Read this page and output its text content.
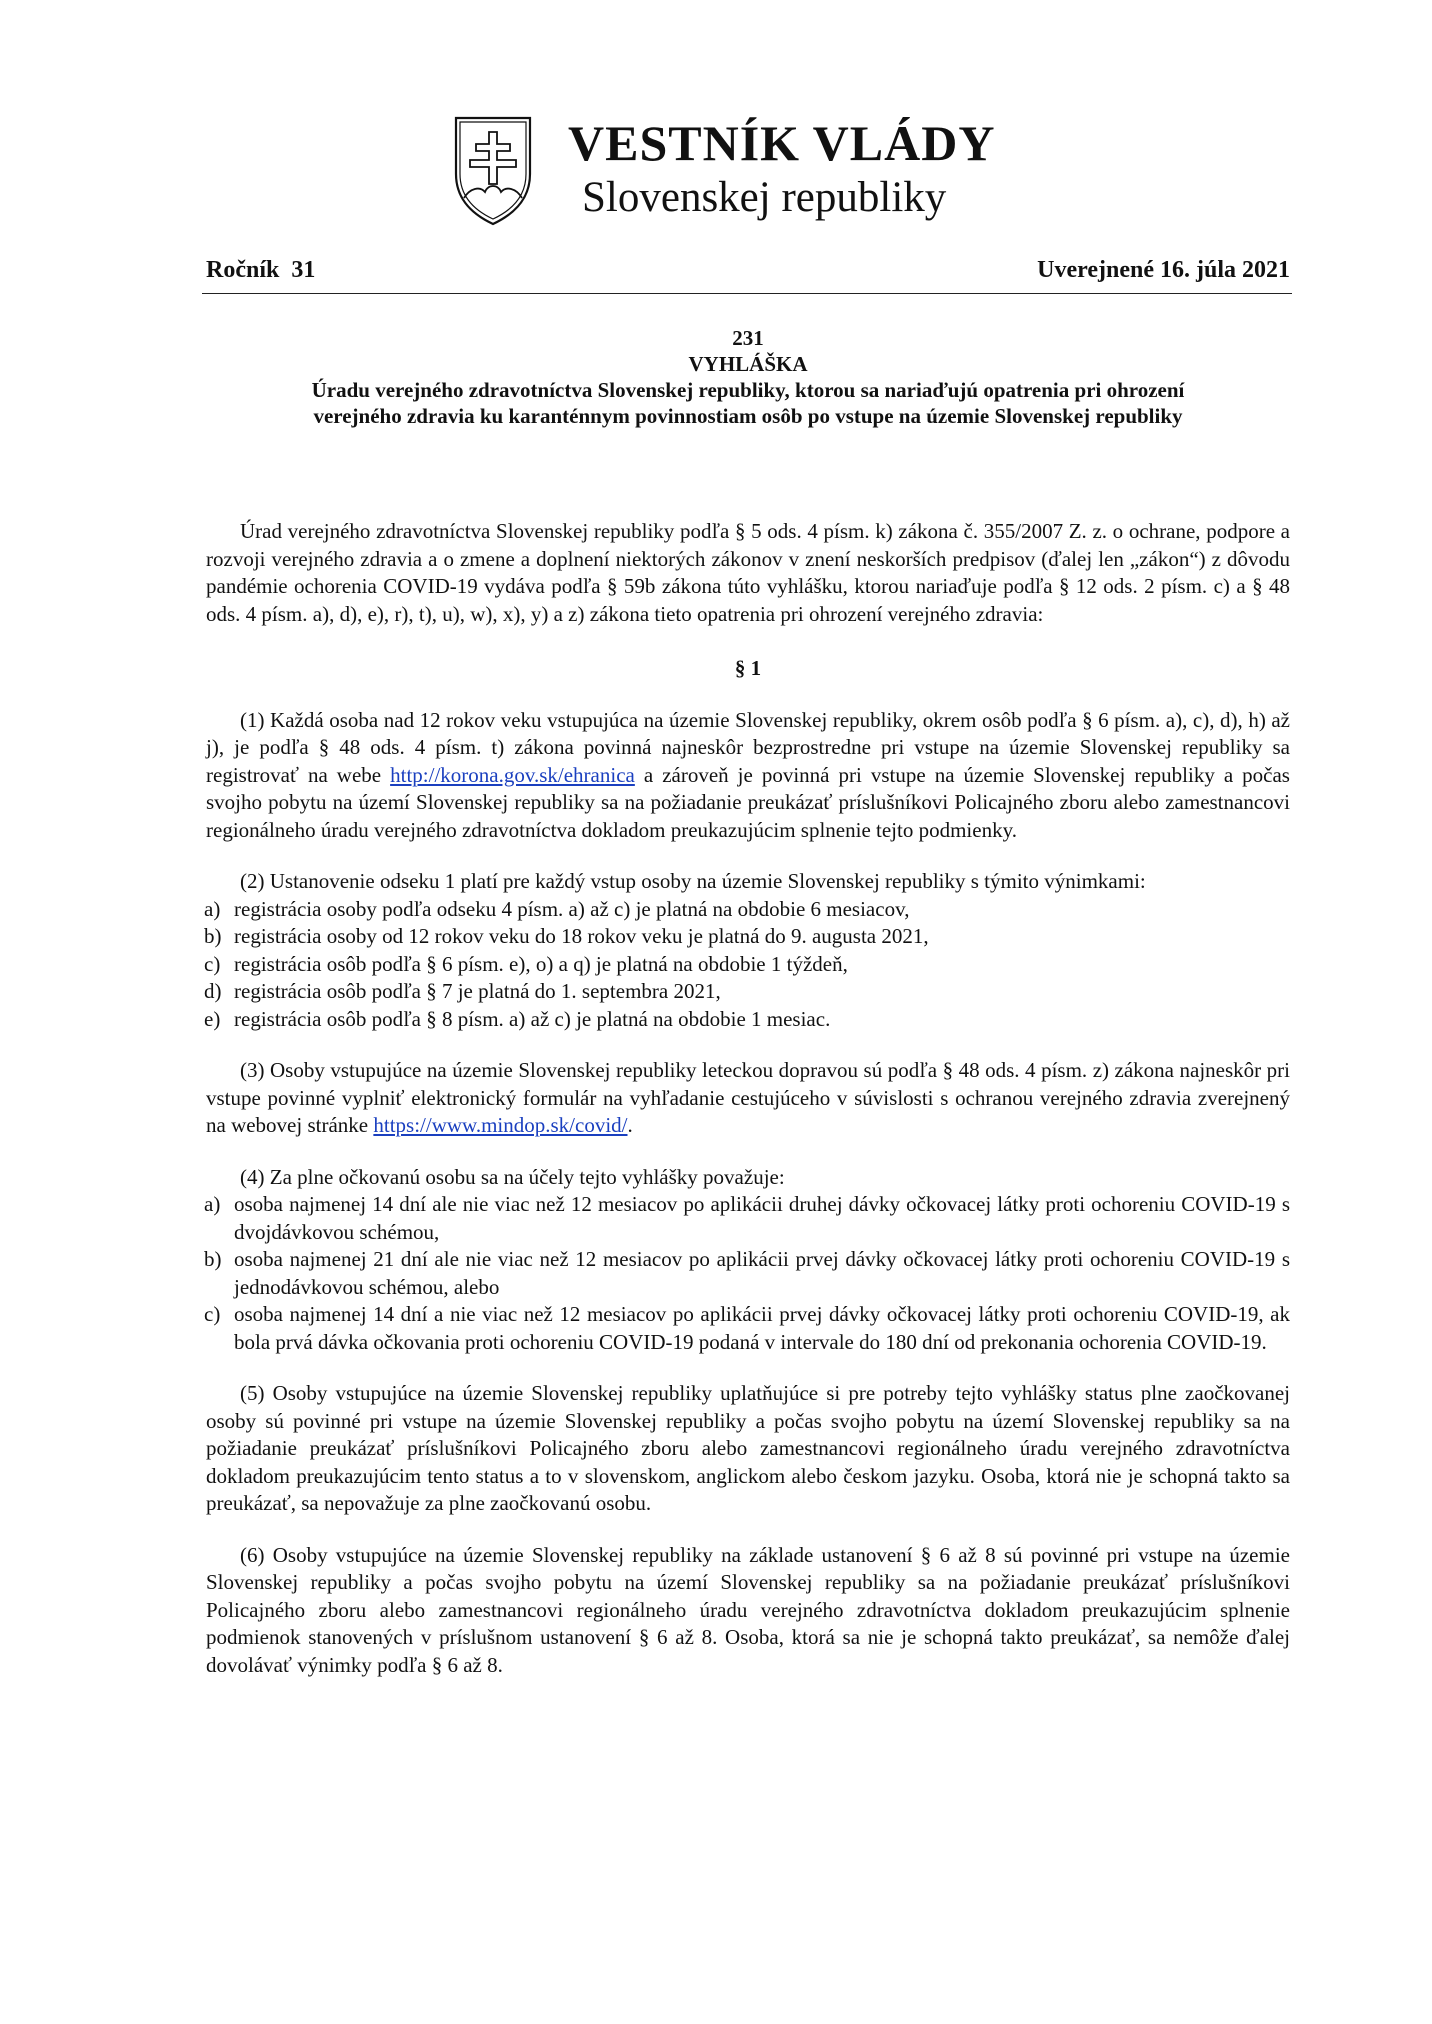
VESTNÍK VLÁDY
Slovenskej republiky
Ročník  31	Uverejnené 16. júla 2021
231
VYHLÁŠKA
Úradu verejného zdravotníctva Slovenskej republiky, ktorou sa nariaďujú opatrenia pri ohrození
verejného zdravia ku karanténnym povinnostiam osôb po vstupe na územie Slovenskej republiky

Úrad verejného zdravotníctva Slovenskej republiky podľa § 5 ods. 4 písm. k) zákona č. 355/2007 Z. z. o ochrane, podpore a rozvoji verejného zdravia a o zmene a doplnení niektorých zákonov v znení neskorších predpisov (ďalej len „zákon“) z dôvodu pandémie ochorenia COVID-19 vydáva podľa § 59b zákona túto vyhlášku, ktorou nariaďuje podľa § 12 ods. 2 písm. c) a § 48 ods. 4 písm. a), d), e), r), t), u), w), x), y) a z) zákona tieto opatrenia pri ohrození verejného zdravia:

§ 1

(1) Každá osoba nad 12 rokov veku vstupujúca na územie Slovenskej republiky, okrem osôb podľa § 6 písm. a), c), d), h) až j), je podľa § 48 ods. 4 písm. t) zákona povinná najneskôr bezprostredne pri vstupe na územie Slovenskej republiky sa registrovať na webe http://korona.gov.sk/ehranica a zároveň je povinná pri vstupe na územie Slovenskej republiky a počas svojho pobytu na území Slovenskej republiky sa na požiadanie preukázať príslušníkovi Policajného zboru alebo zamestnancovi regionálneho úradu verejného zdravotníctva dokladom preukazujúcim splnenie tejto podmienky.

(2) Ustanovenie odseku 1 platí pre každý vstup osoby na územie Slovenskej republiky s týmito výnimkami:

a) registrácia osoby podľa odseku 4 písm. a) až c) je platná na obdobie 6 mesiacov,
b) registrácia osoby od 12 rokov veku do 18 rokov veku je platná do 9. augusta 2021,
c) registrácia osôb podľa § 6 písm. e), o) a q) je platná na obdobie 1 týždeň,
d) registrácia osôb podľa § 7 je platná do 1. septembra 2021,
e) registrácia osôb podľa § 8 písm. a) až c) je platná na obdobie 1 mesiac.

(3) Osoby vstupujúce na územie Slovenskej republiky leteckou dopravou sú podľa § 48 ods. 4 písm. z) zákona najneskôr pri vstupe povinné vyplniť elektronický formulár na vyhľadanie cestujúceho v súvislosti s ochranou verejného zdravia zverejnený na webovej stránke https://www.mindop.sk/covid/.

(4) Za plne očkovanú osobu sa na účely tejto vyhlášky považuje:

a) osoba najmenej 14 dní ale nie viac než 12 mesiacov po aplikácii druhej dávky očkovacej látky proti ochoreniu COVID-19 s dvojdávkovou schémou,
b) osoba najmenej 21 dní ale nie viac než 12 mesiacov po aplikácii prvej dávky očkovacej látky proti ochoreniu COVID-19 s jednodávkovou schémou, alebo
c) osoba najmenej 14 dní a nie viac než 12 mesiacov po aplikácii prvej dávky očkovacej látky proti ochoreniu COVID-19, ak bola prvá dávka očkovania proti ochoreniu COVID-19 podaná v intervale do 180 dní od prekonania ochorenia COVID-19.

(5) Osoby vstupujúce na územie Slovenskej republiky uplatňujúce si pre potreby tejto vyhlášky status plne zaočkovanej osoby sú povinné pri vstupe na územie Slovenskej republiky a počas svojho pobytu na území Slovenskej republiky sa na požiadanie preukázať príslušníkovi Policajného zboru alebo zamestnancovi regionálneho úradu verejného zdravotníctva dokladom preukazujúcim tento status a to v slovenskom, anglickom alebo českom jazyku. Osoba, ktorá nie je schopná takto sa preukázať, sa nepovažuje za plne zaočkovanú osobu.

(6) Osoby vstupujúce na územie Slovenskej republiky na základe ustanovení § 6 až 8 sú povinné pri vstupe na územie Slovenskej republiky a počas svojho pobytu na území Slovenskej republiky sa na požiadanie preukázať príslušníkovi Policajného zboru alebo zamestnancovi regionálneho úradu verejného zdravotníctva dokladom preukazujúcim splnenie podmienok stanovených v príslušnom ustanovení § 6 až 8. Osoba, ktorá sa nie je schopná takto preukázať, sa nemôže ďalej dovolávať výnimky podľa § 6 až 8.
